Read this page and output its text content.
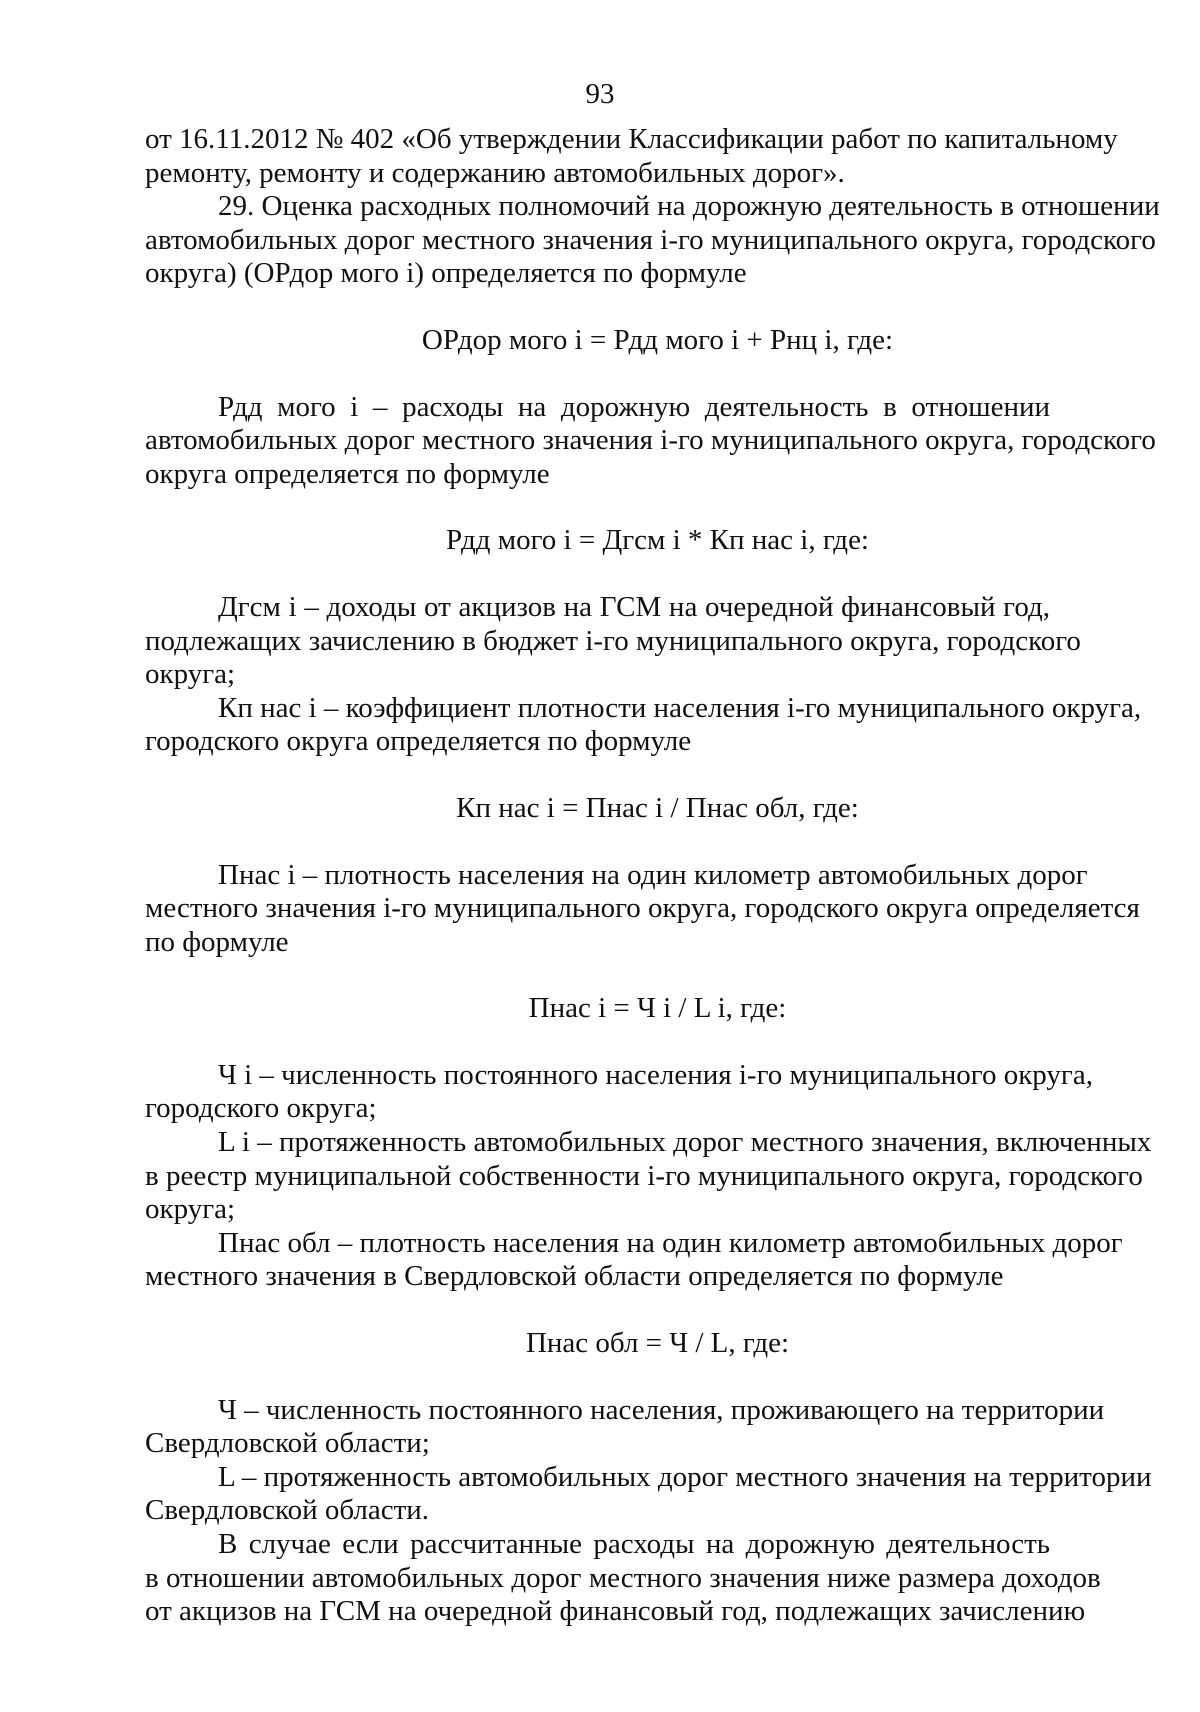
93
от 16.11.2012 № 402 «Об утверждении Классификации работ по капитальному
ремонту, ремонту и содержанию автомобильных дорог».
29. Оценка расходных полномочий на дорожную деятельность в отношении
автомобильных дорог местного значения i-го муниципального округа, городского
округа) (ОРдор мого i) определяется по формуле
ОРдор мого i = Рдд мого i + Рнц i, где:
Рдд мого i – расходы на дорожную деятельность в отношении
автомобильных дорог местного значения i-го муниципального округа, городского
округа определяется по формуле
Рдд мого i = Дгсм i * Кп нас i, где:
Дгсм i – доходы от акцизов на ГСМ на очередной финансовый год,
подлежащих зачислению в бюджет i-го муниципального округа, городского
округа;
Кп нас i – коэффициент плотности населения i-го муниципального округа,
городского округа определяется по формуле
Кп нас i = Пнас i / Пнас обл, где:
Пнас i – плотность населения на один километр автомобильных дорог
местного значения i-го муниципального округа, городского округа определяется
по формуле
Пнас i = Ч i / L i, где:
Ч i – численность постоянного населения i-го муниципального округа,
городского округа;
L i – протяженность автомобильных дорог местного значения, включенных
в реестр муниципальной собственности i-го муниципального округа, городского
округа;
Пнас обл – плотность населения на один километр автомобильных дорог
местного значения в Свердловской области определяется по формуле
Пнас обл = Ч / L, где:
Ч – численность постоянного населения, проживающего на территории
Свердловской области;
L – протяженность автомобильных дорог местного значения на территории
Свердловской области.
В случае если рассчитанные расходы на дорожную деятельность
в отношении автомобильных дорог местного значения ниже размера доходов
от акцизов на ГСМ на очередной финансовый год, подлежащих зачислению
